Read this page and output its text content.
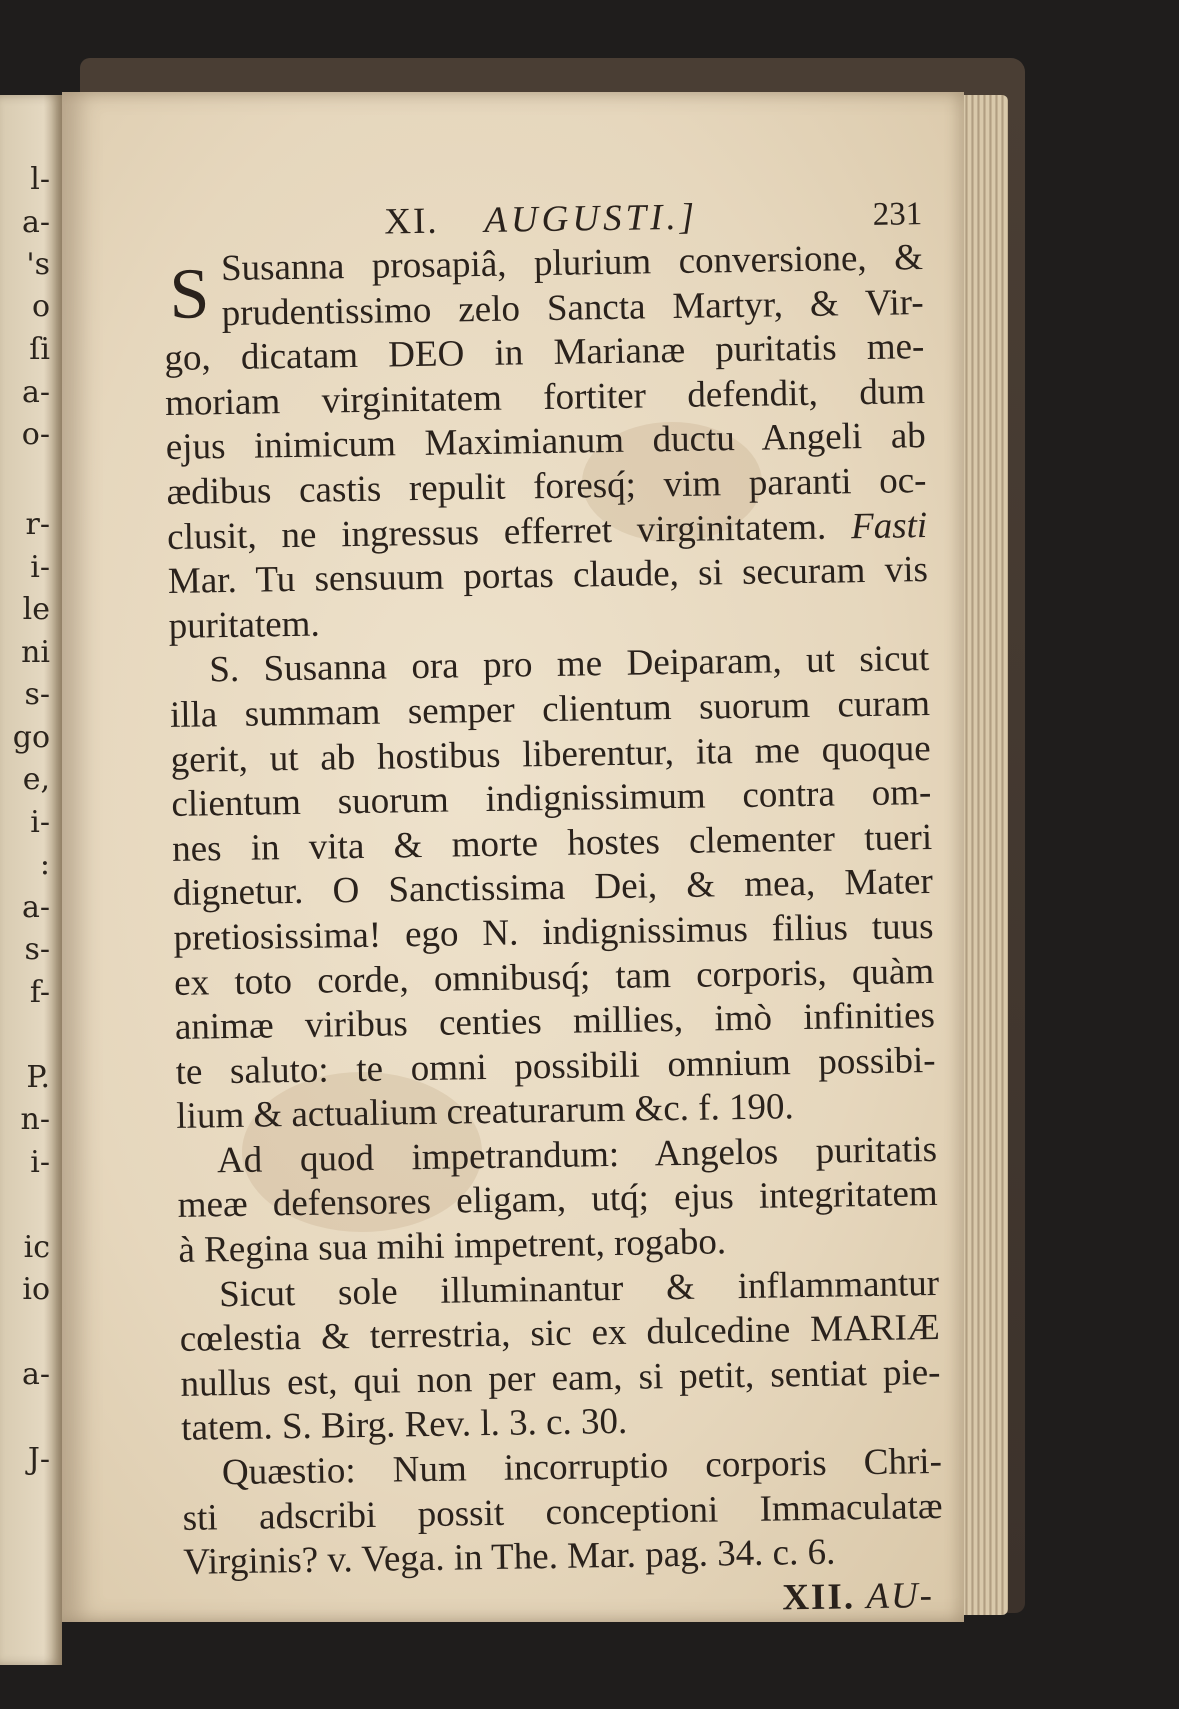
l-
a-
's
o
ſi
a-
o-
r-
i-
le
ni
s-
go
e,
i-
:
a-
s-
f-
P.
n-
i-
ic
io
a-
J-
XI. AUGUSTI.]	231
S Susanna prosapiâ, plurium conversione, &
prudentissimo zelo Sancta Martyr, & Vir-
go, dicatam DEO in Marianæ puritatis me-
moriam virginitatem fortiter defendit, dum
ejus inimicum Maximianum ductu Angeli ab
ædibus castis repulit foresq́; vim paranti oc-
clusit, ne ingressus efferret virginitatem. Fasti
Mar. Tu sensuum portas claude, si securam vis
puritatem.
S. Susanna ora pro me Deiparam, ut sicut
illa summam semper clientum suorum curam
gerit, ut ab hostibus liberentur, ita me quoque
clientum suorum indignissimum contra om-
nes in vita & morte hostes clementer tueri
dignetur. O Sanctissima Dei, & mea, Mater
pretiosissima! ego N. indignissimus filius tuus
ex toto corde, omnibusq́; tam corporis, quàm
animæ viribus centies millies, imò infinities
te saluto: te omni possibili omnium possibi-
lium & actualium creaturarum &c. f. 190.
Ad quod impetrandum: Angelos puritatis
meæ defensores eligam, utq́; ejus integritatem
à Regina sua mihi impetrent, rogabo.
Sicut sole illuminantur & inflammantur
cœlestia & terrestria, sic ex dulcedine MARIÆ
nullus est, qui non per eam, si petit, sentiat pie-
tatem. S. Birg. Rev. l. 3. c. 30.
Quæstio: Num incorruptio corporis Chri-
sti adscribi possit conceptioni Immaculatæ
Virginis? v. Vega. in The. Mar. pag. 34. c. 6.
XII. AU-
